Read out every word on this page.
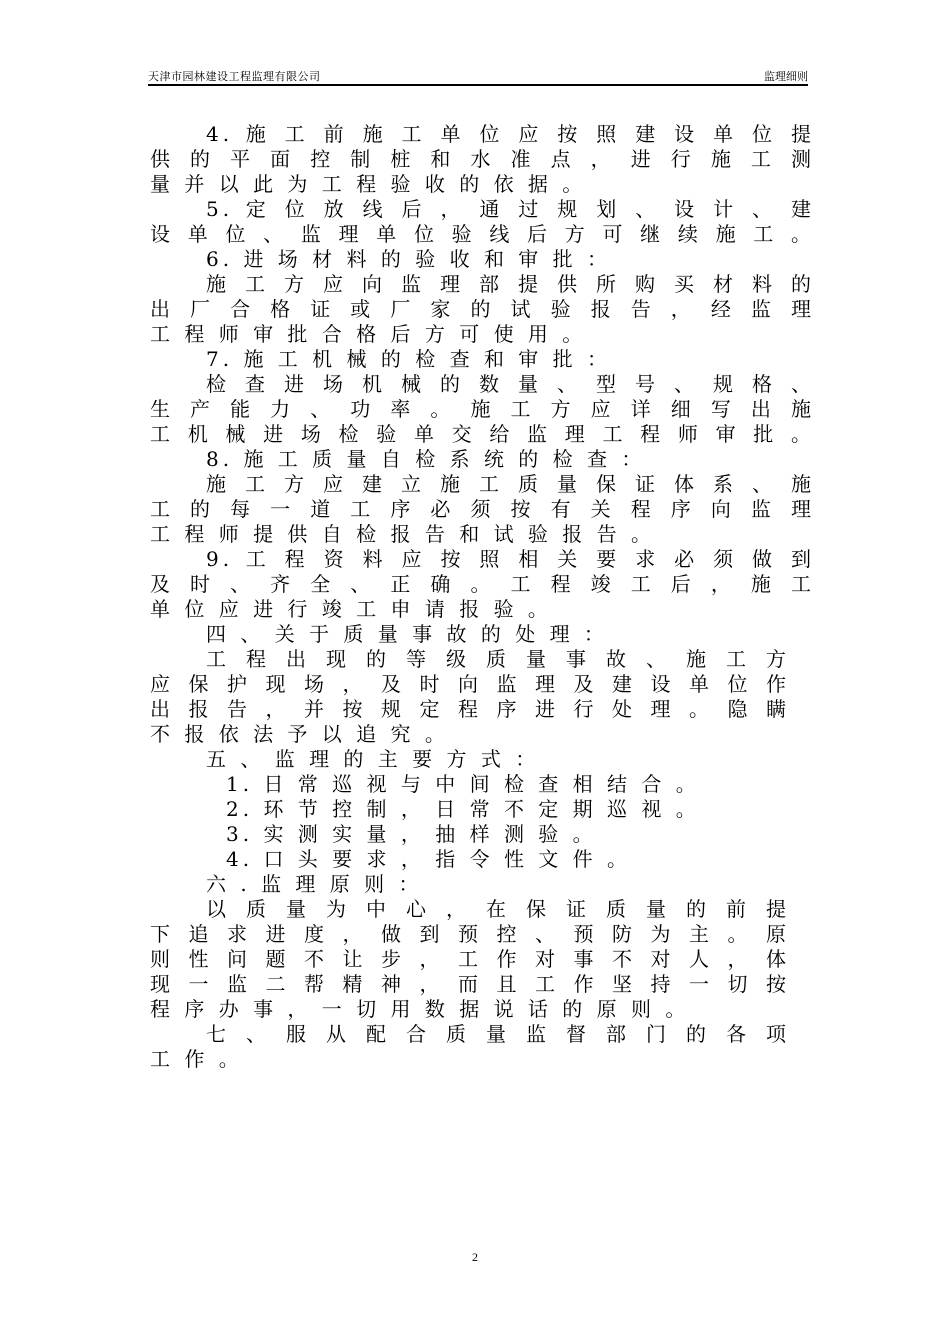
天津市园林建设工程监理有限公司	监理细则
4. 施 工 前 施 工 单 位 应 按 照 建 设 单 位 提
供 的 平 面 控 制 桩 和 水 准 点 ， 进 行 施 工 测
量 并 以 此 为 工 程 验 收 的 依 据 。
5. 定 位 放 线 后 ， 通 过 规 划 、 设 计 、 建
设 单 位 、 监 理 单 位 验 线 后 方 可 继 续 施 工 。
6. 进 场 材 料 的 验 收 和 审 批 ：
施 工 方 应 向 监 理 部 提 供 所 购 买 材 料 的
出 厂 合 格 证 或 厂 家 的 试 验 报 告 ， 经 监 理
工 程 师 审 批 合 格 后 方 可 使 用 。
7. 施 工 机 械 的 检 查 和 审 批 ：
检 查 进 场 机 械 的 数 量 、 型 号 、 规 格 、
生 产 能 力 、 功 率 。 施 工 方 应 详 细 写 出 施
工 机 械 进 场 检 验 单 交 给 监 理 工 程 师 审 批 。
8. 施 工 质 量 自 检 系 统 的 检 查 ：
施 工 方 应 建 立 施 工 质 量 保 证 体 系 、 施
工 的 每 一 道 工 序 必 须 按 有 关 程 序 向 监 理
工 程 师 提 供 自 检 报 告 和 试 验 报 告 。
9. 工 程 资 料 应 按 照 相 关 要 求 必 须 做 到
及 时 、 齐 全 、 正 确 。 工 程 竣 工 后 ， 施 工
单 位 应 进 行 竣 工 申 请 报 验 。
四 、 关 于 质 量 事 故 的 处 理 ：
工 程 出 现 的 等 级 质 量 事 故 、 施 工 方
应 保 护 现 场 ， 及 时 向 监 理 及 建 设 单 位 作
出 报 告 ， 并 按 规 定 程 序 进 行 处 理 。 隐 瞒
不 报 依 法 予 以 追 究 。
五 、 监 理 的 主 要 方 式 ：
1. 日 常 巡 视 与 中 间 检 查 相 结 合 。
2. 环 节 控 制 ， 日 常 不 定 期 巡 视 。
3. 实 测 实 量 ， 抽 样 测 验 。
4. 口 头 要 求 ， 指 令 性 文 件 。
六 . 监 理 原 则 ：
以 质 量 为 中 心 ， 在 保 证 质 量 的 前 提
下 追 求 进 度 ， 做 到 预 控 、 预 防 为 主 。 原
则 性 问 题 不 让 步 ， 工 作 对 事 不 对 人 ， 体
现 一 监 二 帮 精 神 ， 而 且 工 作 坚 持 一 切 按
程 序 办 事 ， 一 切 用 数 据 说 话 的 原 则 。
七 、 服 从 配 合 质 量 监 督 部 门 的 各 项
工 作 。
2
